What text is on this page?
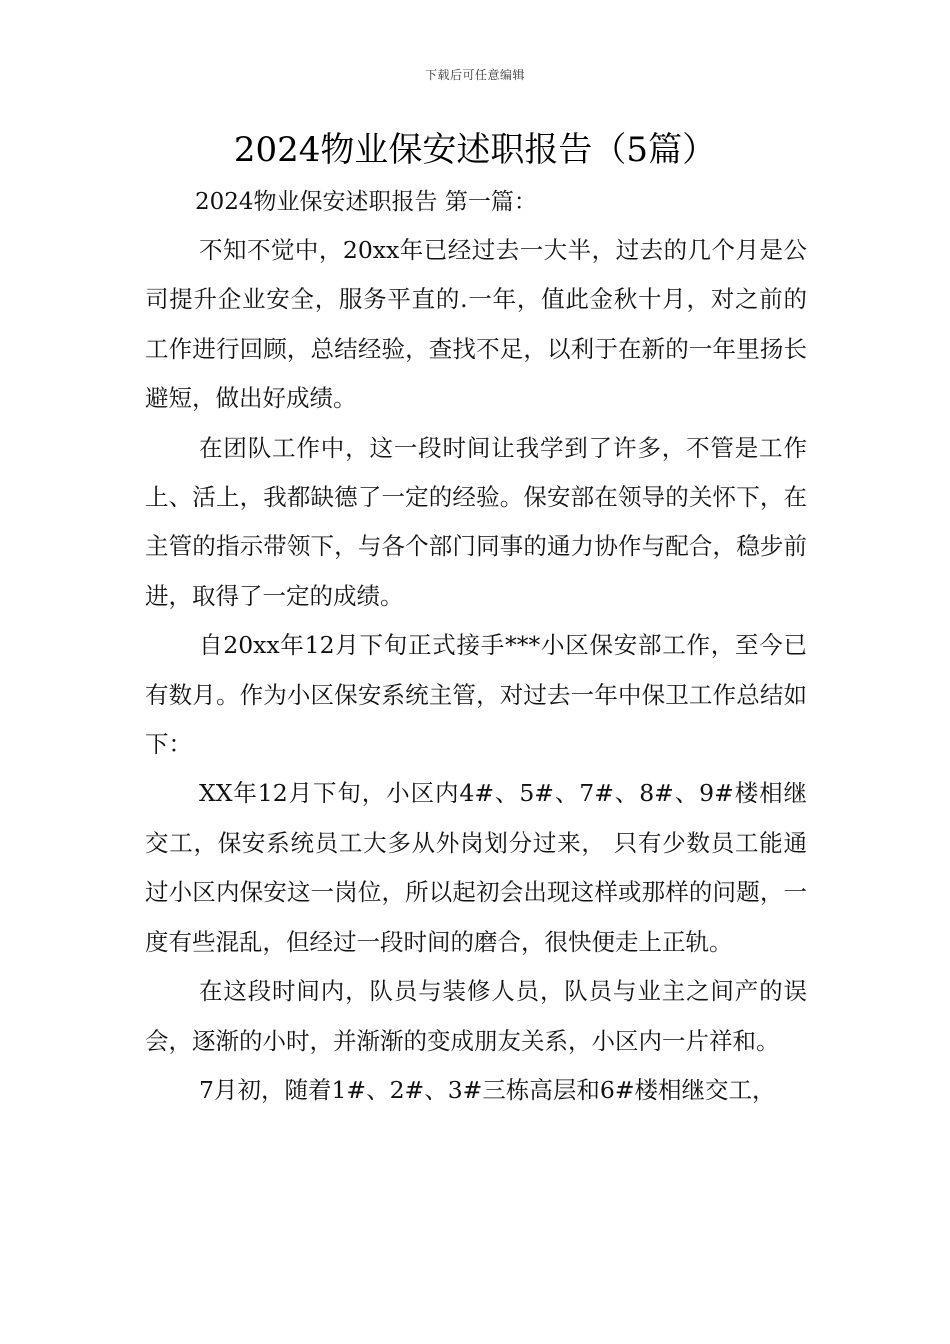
下载后可任意编辑
2024物业保安述职报告（5篇）

2024物业保安述职报告 第一篇：

不知不觉中，20xx年已经过去一大半，过去的几个月是公司提升企业安全，服务平直的.一年，值此金秋十月，对之前的工作进行回顾，总结经验，查找不足，以利于在新的一年里扬长避短，做出好成绩。

在团队工作中，这一段时间让我学到了许多，不管是工作上、活上，我都缺德了一定的经验。保安部在领导的关怀下，在主管的指示带领下，与各个部门同事的通力协作与配合，稳步前进，取得了一定的成绩。

自20xx年12月下旬正式接手***小区保安部工作，至今已有数月。作为小区保安系统主管，对过去一年中保卫工作总结如下：

XX年12月下旬，小区内4#、5#、7#、8#、9#楼相继交工，保安系统员工大多从外岗划分过来， 只有少数员工能通过小区内保安这一岗位，所以起初会出现这样或那样的问题，一度有些混乱，但经过一段时间的磨合，很快便走上正轨。

在这段时间内，队员与装修人员，队员与业主之间产的误会，逐渐的小时，并渐渐的变成朋友关系，小区内一片祥和。

7月初，随着1#、2#、3#三栋高层和6#楼相继交工，
